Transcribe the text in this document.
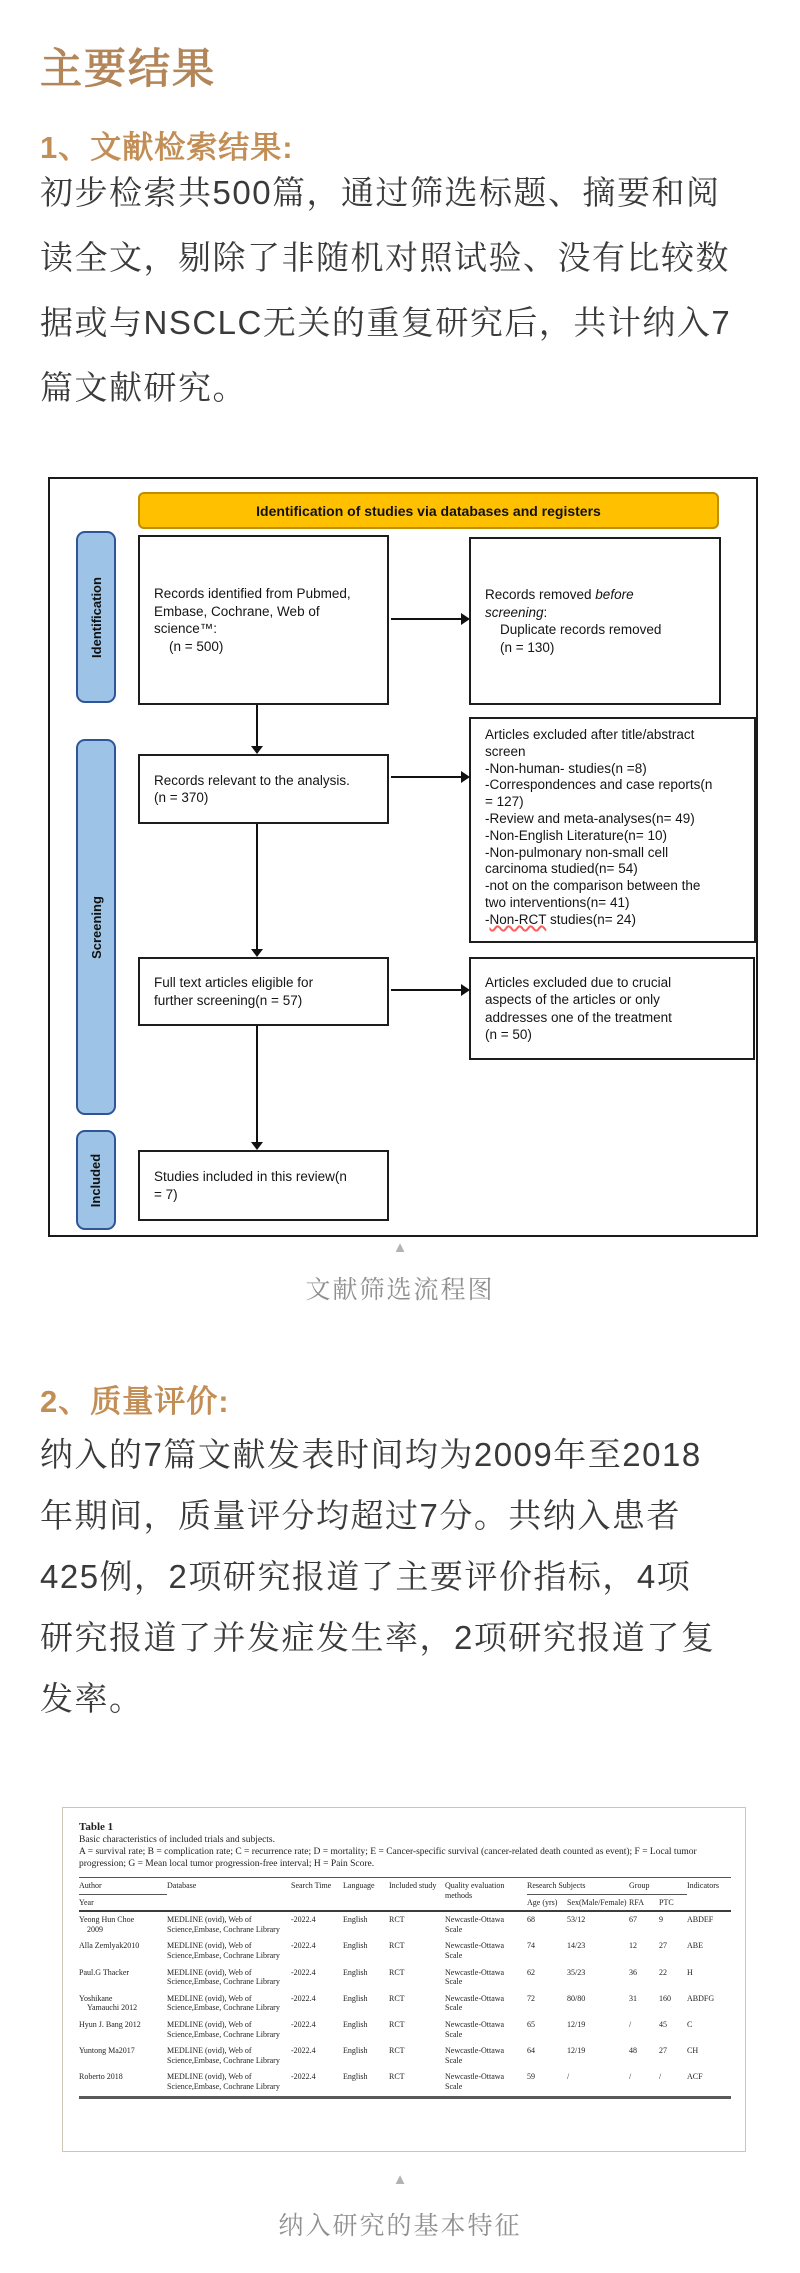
主要结果
1、文献检索结果:
初步检索共500篇，通过筛选标题、摘要和阅
读全文，剔除了非随机对照试验、没有比较数
据或与NSCLC无关的重复研究后，共计纳入7
篇文献研究。
Identification of studies via databases and registers
Identification
Screening
Included
Records identified from Pubmed,
Embase, Cochrane, Web of
science™:
(n = 500)
Records removed before
screening:
Duplicate records removed
(n = 130)
Records relevant to the analysis.
(n = 370)
Articles excluded after title/abstract
screen
-Non-human- studies(n =8)
-Correspondences and case reports(n
= 127)
-Review and meta-analyses(n= 49)
-Non-English Literature(n= 10)
-Non-pulmonary non-small cell
carcinoma studied(n= 54)
-not on the comparison between the
two interventions(n= 41)
-Non-RCT studies(n= 24)
Full text articles eligible for
further screening(n = 57)
Articles excluded due to crucial
aspects of the articles or only
addresses one of the treatment
(n = 50)
Studies included in this review(n
= 7)
▲
文献筛选流程图
2、质量评价:
纳入的7篇文献发表时间均为2009年至2018
年期间，质量评分均超过7分。共纳入患者
425例，2项研究报道了主要评价指标，4项
研究报道了并发症发生率，2项研究报道了复
发率。
Table 1
Basic characteristics of included trials and subjects.
A = survival rate; B = complication rate; C = recurrence rate; D = mortality; E = Cancer-specific survival (cancer-related death counted as event); F = Local tumor progression; G = Mean local tumor progression-free interval; H = Pain Score.
Author	Database	Search Time	Language	Included study	Quality evaluation methods	Research Subjects		Group		Indicators
Year						Age (yrs)	Sex(Male/Female)	RFA	PTC	

Yeong Hun Choe
2009	MEDLINE (ovid), Web of Science,Embase, Cochrane Library	-2022.4	English	RCT	Newcastle-Ottawa Scale	68	53/12	67	9	ABDEF

Alla Zemlyak2010	MEDLINE (ovid), Web of Science,Embase, Cochrane Library	-2022.4	English	RCT	Newcastle-Ottawa Scale	74	14/23	12	27	ABE

Paul.G Thacker	MEDLINE (ovid), Web of Science,Embase, Cochrane Library	-2022.4	English	RCT	Newcastle-Ottawa Scale	62	35/23	36	22	H

Yoshikane
Yamauchi 2012	MEDLINE (ovid), Web of Science,Embase, Cochrane Library	-2022.4	English	RCT	Newcastle-Ottawa Scale	72	80/80	31	160	ABDFG

Hyun J. Bang 2012	MEDLINE (ovid), Web of Science,Embase, Cochrane Library	-2022.4	English	RCT	Newcastle-Ottawa Scale	65	12/19	/	45	C

Yuntong Ma2017	MEDLINE (ovid), Web of Science,Embase, Cochrane Library	-2022.4	English	RCT	Newcastle-Ottawa Scale	64	12/19	48	27	CH

Roberto 2018	MEDLINE (ovid), Web of Science,Embase, Cochrane Library	-2022.4	English	RCT	Newcastle-Ottawa Scale	59	/	/	/	ACF
▲
纳入研究的基本特征
